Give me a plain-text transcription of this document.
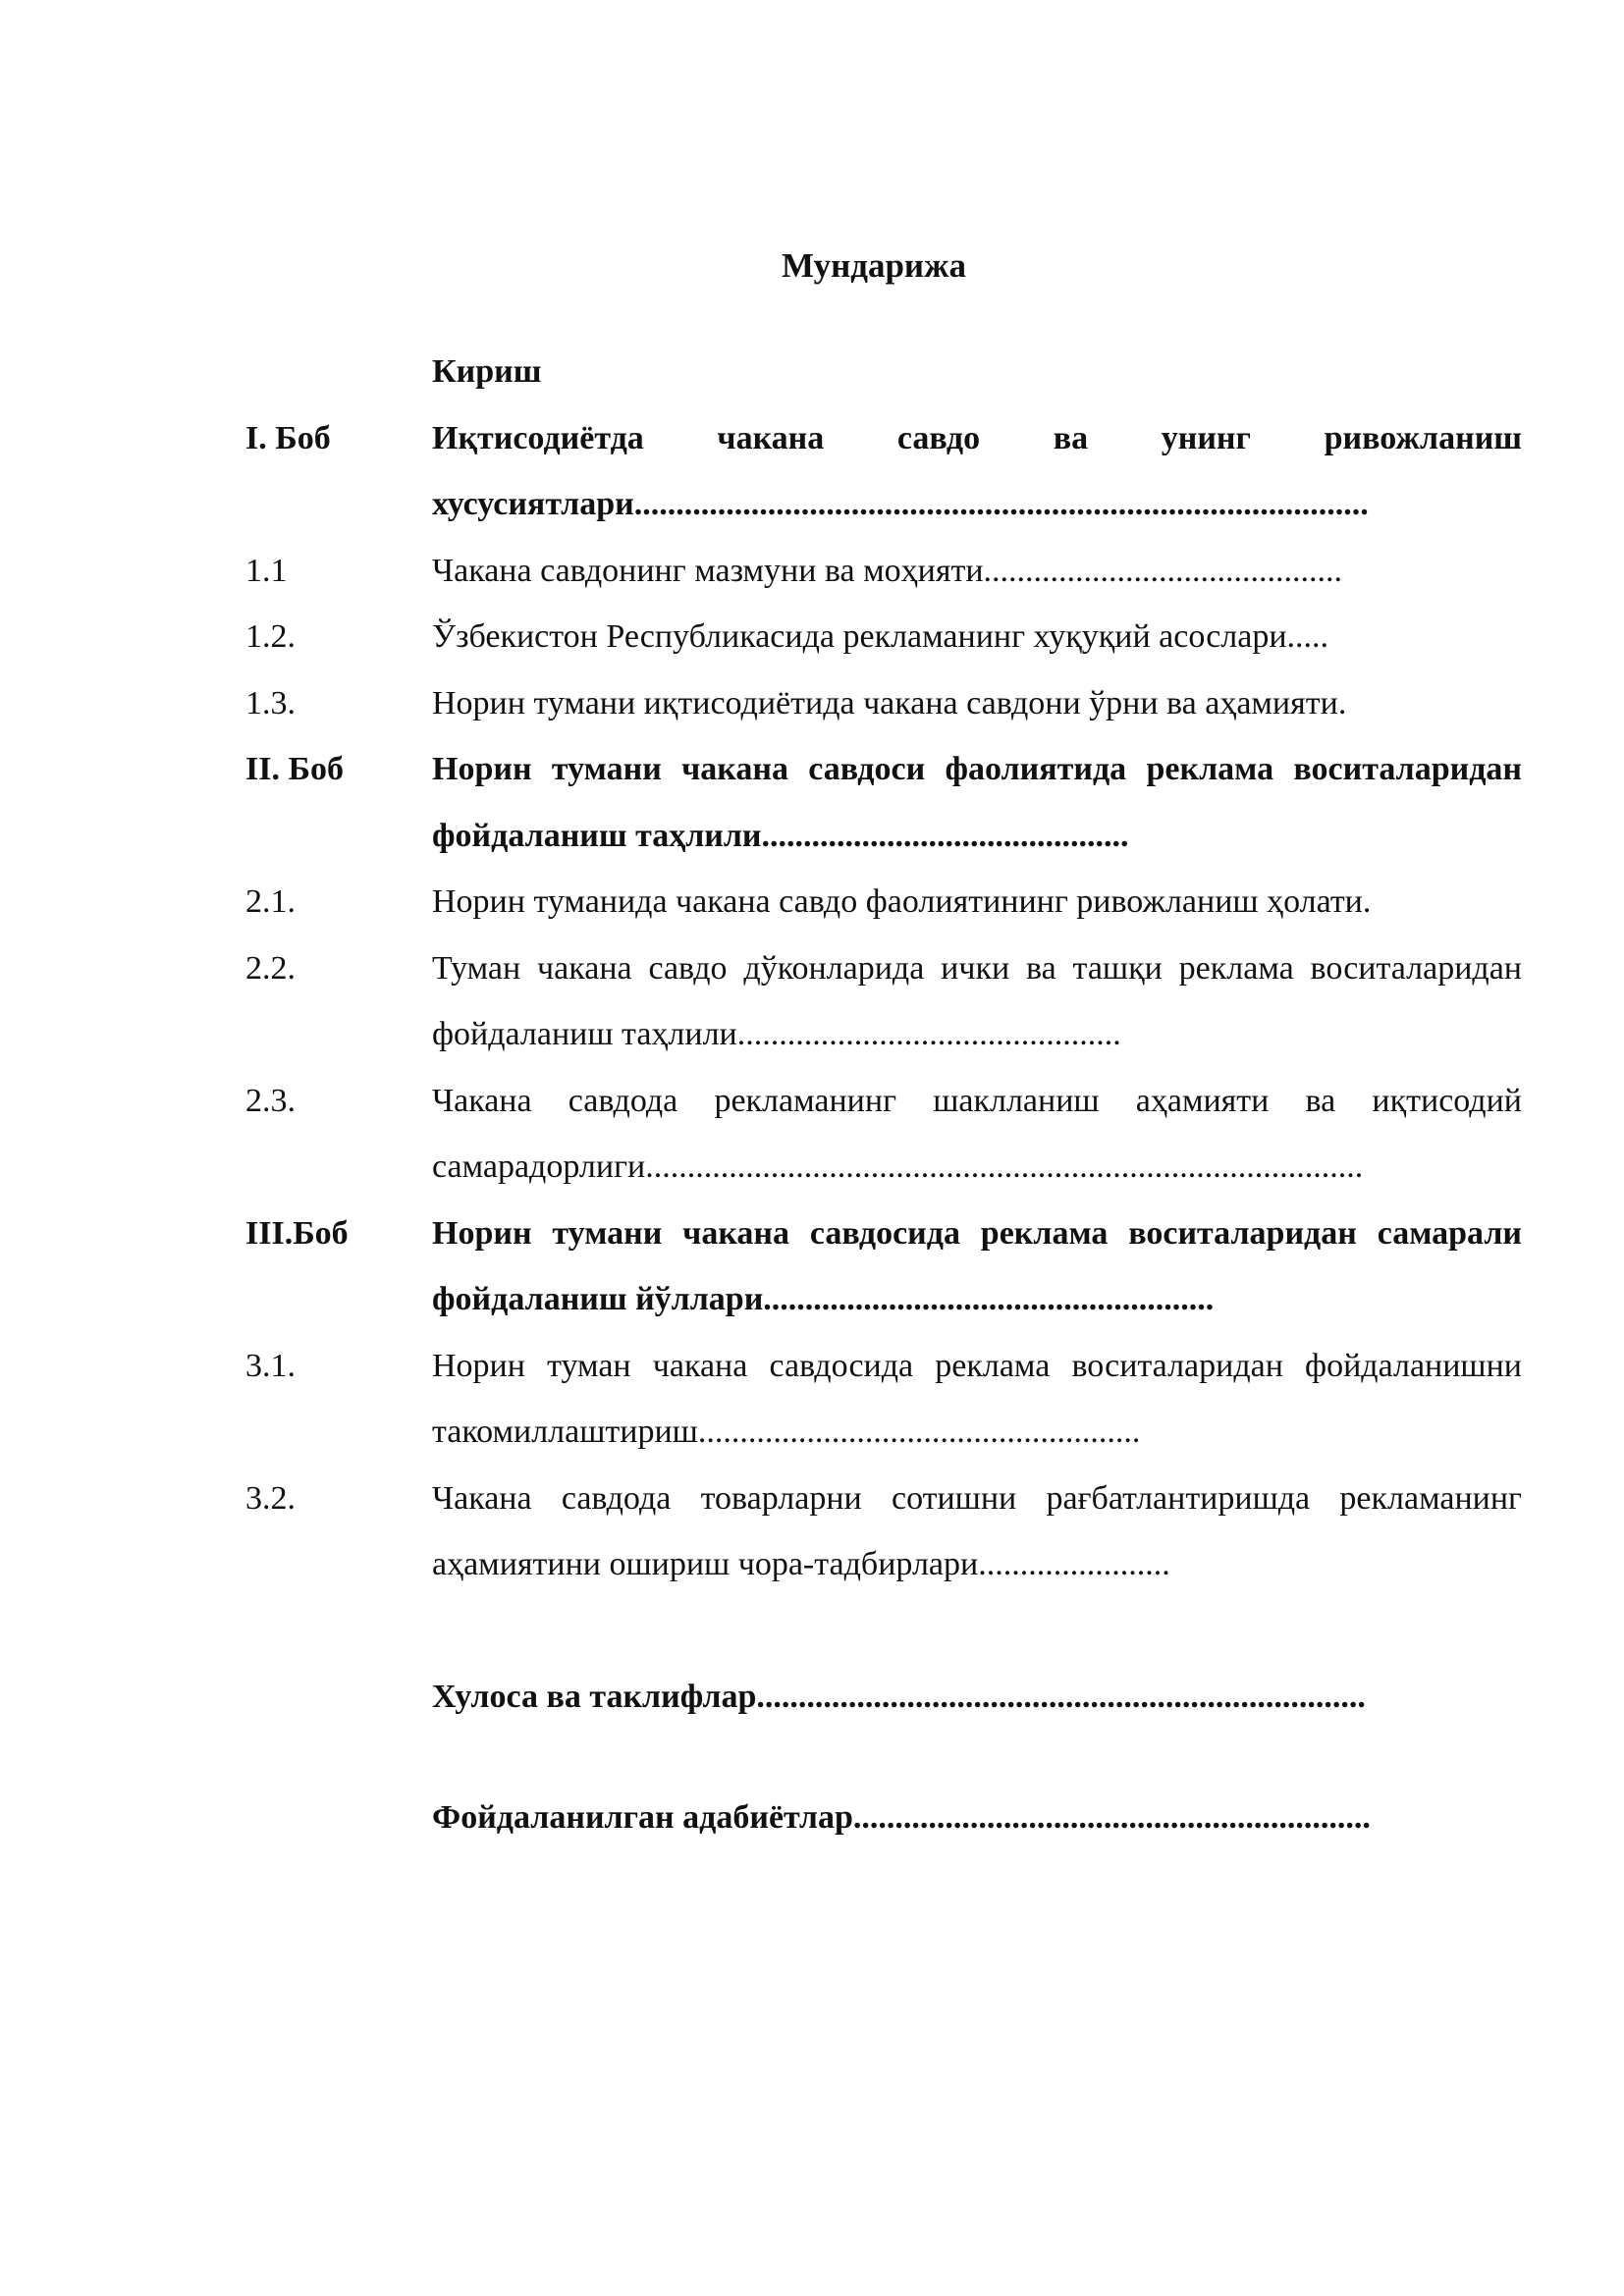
Мундарижа
Кириш
I. Боб	Иқтисодиётда чакана савдо ва унинг ривожланиш хусусиятлари........................................................................................
1.1	Чакана савдонинг мазмуни ва моҳияти...........................................
1.2.	Ўзбекистон Республикасида рекламанинг хуқуқий асослари.....
1.3.	Норин тумани иқтисодиётида чакана савдони ўрни ва аҳамияти.
II. Боб	Норин тумани чакана савдоси фаолиятида реклама воситаларидан фойдаланиш таҳлили............................................
2.1.	Норин туманида чакана савдо фаолиятининг ривожланиш ҳолати.
2.2.	Туман чакана савдо дўконларида ички ва ташқи реклама воситаларидан фойдаланиш таҳлили..............................................
2.3.	Чакана савдода рекламанинг шаклланиш аҳамияти ва иқтисодий самарадорлиги......................................................................................
III.Боб	Норин тумани чакана савдосида реклама воситаларидан самарали фойдаланиш йўллари......................................................
3.1.	Норин туман чакана савдосида реклама воситаларидан фойдаланишни такомиллаштириш.....................................................
3.2.	Чакана савдода товарларни сотишни рағбатлантиришда рекламанинг аҳамиятини ошириш чора-тадбирлари.......................
Хулоса ва таклифлар.........................................................................
Фойдаланилган адабиётлар..............................................................
